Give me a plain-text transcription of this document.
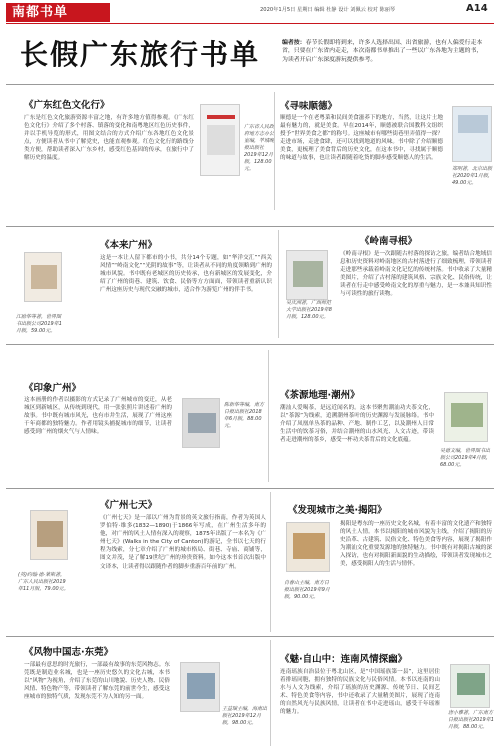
南都书单	2020年1月5日 星期日 编辑 杜静 设计 刘佩云 校对 陈丽琴	A14
长假广东旅行书单	编者按：春节长假即将到来，许多人选择出国、出省旅游，也有人偏爱行走本省，只要在广东省内走走，本次南都书单推出了一些以广东各地为主题的书，为读者开启广东深度游玩提供参考。
《广东红色文化行》
广东是红色文化旅游资源丰富之地，有许多地方值得参观。《广东红色文化行》介绍了多个村落、镇落的变化和南粤地区红色历史事件，并以手机导览的形式，用图文结合的方式介绍广东各地红色文化景点，方便读者从书中了解党史，也能直观参观。红色文化行的路线分类方便，帮助读者深入广东乡村，感受红色基因的传承，在旅行中了解历史的温度。
广东省人民政府地方志办公室编，羊城晚报出版社2019年12月版，128.00元。
《寻味顺德》
顺德是一个在老粤菜和民间美食滋养下的地方，当然，让这片土地最有魅力的，就是美食。早在2014年，顺德被联合国教科文组织授予“世界美食之都”的称号。这座城市有哪些街巷里弄值得一探？走进市场，走进食肆，还可以找到地道的风味。书中除了介绍顺德美食，更梳理了美食背后的历史文化，在这本书中，寻找属于顺德的味道与故事，也让读者跟随着吃货的脚步感受顺德人的生活。
郑明著，北京出版社2020年1月版，49.00元。
《本来广州》
这是一本让人留下都市的小书，共分14个专题，如“华洋交汇”“西关风情”“岭南文化”“光阴的故事”等，让读者从不同的角度领略到广州的城市风貌。书中既有老城区的历史传承，也有新城区的发展变化，介绍了广州的街巷、建筑、饮食、民俗等方方面面，带领读者重新认识广州这座历史与现代交融的城市，适合作为游览广州的伴手书。
江励华等著，世界图书出版公司2019年1月版，59.00元。
《岭南寻根》
《岭南寻根》是一次跟随古村落的探访之旅，编者结合地域信息和历史资料对岭南地区的古村落进行了细致梳理，带领读者走进那些承载着岭南文化记忆的传统村落。书中收录了大量精美图片，介绍了古村落的建筑风格、宗族文化、民俗传统，让读者在行走中感受岭南文化的厚重与魅力，是一本兼具知识性与可读性的旅行读物。
吴庆洲著，广西师范大学出版社2019年8月版，128.00元。
《印象广州》
这本画册的作者以摄影的方式记录了广州城市的变迁，从老城区到新城区，从传统到现代，用一张张照片讲述着广州的故事。书中既有城市风光，也有市井生活，展现了广州这座千年商都的独特魅力。作者用镜头捕捉城市的细节，让读者感受到广州的烟火气与人情味。
陈新华等编，南方日报出版社2018年6月版，88.00元。
《茶源地理·潮州》
潮汕人爱喝茶，是远近闻名的。这本书聚焦潮汕功夫茶文化，以“茶源”为线索，追溯潮州茶叶的历史渊源与发展脉络。书中介绍了凤凰单丛茶的品种、产地、制作工艺，以及潮州人日常生活中的饮茶习俗，并结合潮州的山水风光、人文古迹，带读者走进潮州的茶乡，感受一杯功夫茶背后的文化底蕴。
吴德文编，世界图书出版公司2019年4月版，68.00元。
《广州七天》
《广州七天》是一部以广州为背景的英文旅行指南，作者为英国人罗伯特·维多(1832—1890)于1866年写成，在广州生活多年的他，对广州的风土人情有深入的观察，1875年出版了一本名为《广州七天》(Walks in the City of Canton)的游记，全书以七天的行程为线索，分七章介绍了广州的城市格局、街巷、寺庙、商铺等，图文并茂，是了解19世纪广州的珍贵资料。如今这本书首次出版中文译本，让读者得以跟随作者的脚步重游百年前的广州。
(英)约翰·德·莱斯著，广东人民出版社2019年11月版，79.00元。
《发现城市之美·揭阳》
揭阳是粤东的一座历史文化名城，有着丰富的文化遗产和独特的风土人情。本书以揭阳的城市风貌为主线，介绍了揭阳的历史沿革、古建筑、民俗文化、特色美食等内容，展现了揭阳作为潮汕文化重要发源地的独特魅力。书中既有对揭阳古城的深入探访，也有对揭阳新面貌的生动描绘，带领读者发现城市之美，感受揭阳人的生活与情怀。
肖春山主编，南方日报出版社2019年9月版，90.00元。
《风物中国志·东莞》
一部最有意思的时光旅行，一部最有故事的东莞风物志。东莞既是制造业名城，也是一座历史悠久的文化古城，本书以“风物”为视角，介绍了东莞的山川地貌、历史人物、民俗风情、特色物产等，带领读者了解东莞的前世今生，感受这座城市的独特气质，发现东莞不为人知的另一面。
王益瑞主编，海南出版社2019年12月版，98.00元。
《魅·自山中：连南风情探幽》
连南瑶族自治县位于粤北山区，是“中国瑶族第一县”，这里居住着排瑶同胞，拥有独特的民族文化与民俗风情。本书以连南的山水与人文为线索，介绍了瑶族的历史渊源、传统节日、民间艺术、特色美食等内容，书中还收录了大量精美图片，展现了连南的自然风光与民族风情，让读者在书中走进瑶山，感受千年瑶寨的魅力。	唐小雅著，广东南方日报出版社2019年1月版，88.00元。
